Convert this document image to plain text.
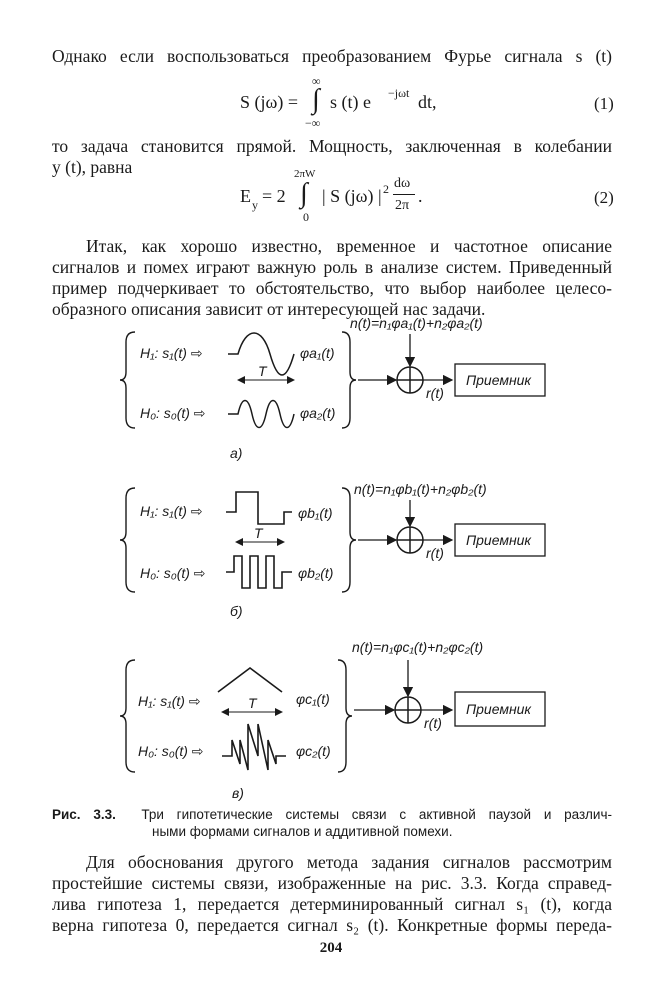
Однако если воспользоваться преобразованием Фурье сигнала s (t)

S (jω) =
∞
∫
−∞
s (t) e −jωt dt,	(1)

то задача становится прямой. Мощность, заключенная в колебании
y (t), равна

E y = 2
2πW
∫
0
| S (jω) | 2 dω
2π .	(2)

Итак, как хорошо известно, временное и частотное описание
сигналов и помех играют важную роль в анализе систем. Приведенный
пример подчеркивает то обстоятельство, что выбор наиболее целесо-
образного описания зависит от интересующей нас задачи.

n(t)=n₁φa₁(t)+n₂φa₂(t)
H₁: s₁(t) ⇨
H₀: s₀(t) ⇨
T
φa₁(t)
φa₂(t)
r(t)
Приемник
а)
n(t)=n₁φb₁(t)+n₂φb₂(t)
H₁: s₁(t) ⇨
H₀: s₀(t) ⇨
T
φb₁(t)
φb₂(t)
r(t)
Приемник
б)
n(t)=n₁φc₁(t)+n₂φc₂(t)
H₁: s₁(t) ⇨
H₀: s₀(t) ⇨
T	φc₁(t)
φc₂(t)
r(t)
Приемник
в)
Рис. 3.3. Три гипотетические системы связи с активной паузой и различ-
ными формами сигналов и аддитивной помехи.

Для обоснования другого метода задания сигналов рассмотрим
простейшие системы связи, изображенные на рис. 3.3. Когда справед-
лива гипотеза 1, передается детерминированный сигнал s₁ (t), когда
верна гипотеза 0, передается сигнал s₂ (t). Конкретные формы переда-

204
